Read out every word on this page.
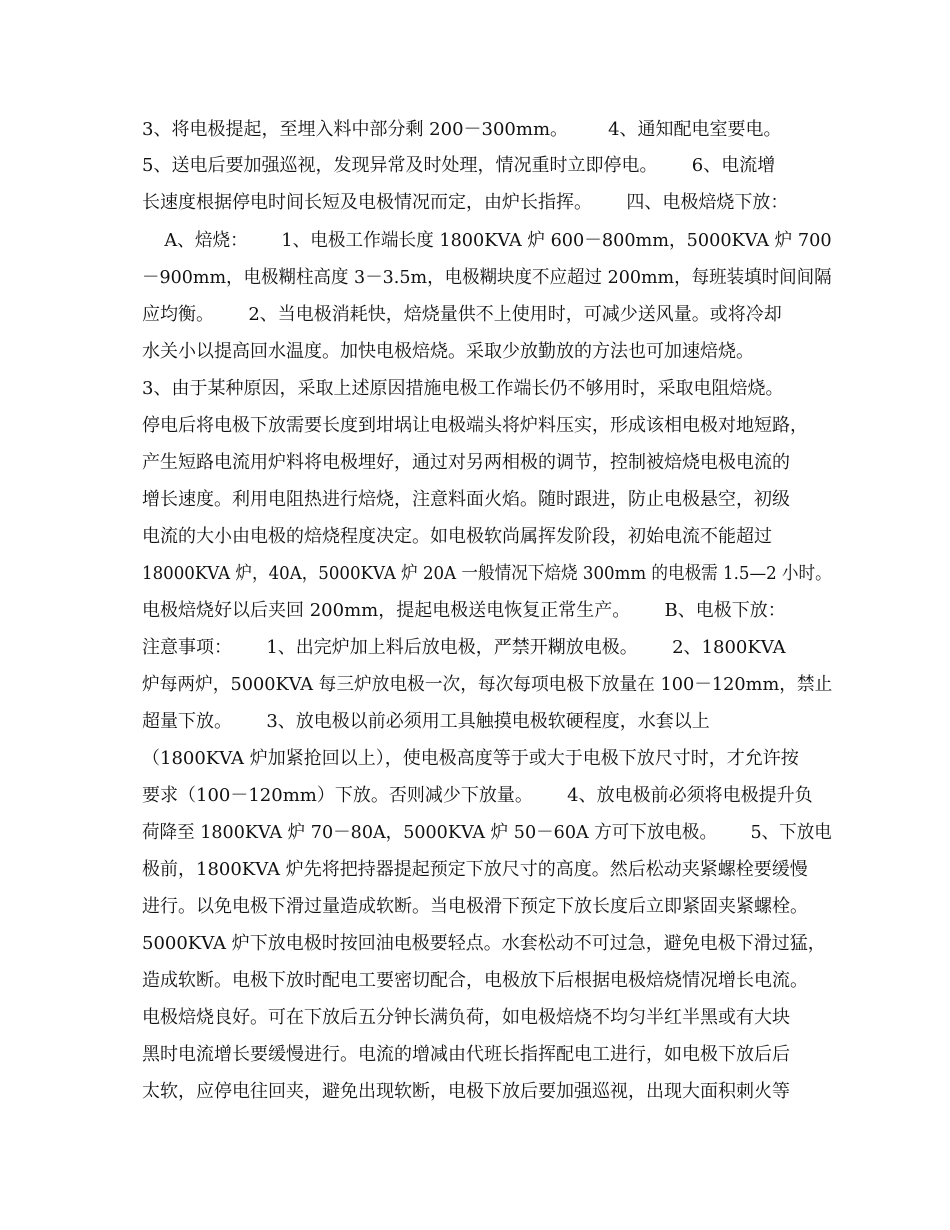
3、将电极提起，至埋入料中部分剩 200－300mm。       4、通知配电室要电。
5、送电后要加强巡视，发现异常及时处理，情况重时立即停电。      6、电流增
长速度根据停电时间长短及电极情况而定，由炉长指挥。      四、电极焙烧下放：
A、焙烧：      1、电极工作端长度 1800KVA 炉 600－800mm，5000KVA 炉 700
－900mm，电极糊柱高度 3－3.5m，电极糊块度不应超过 200mm，每班装填时间间隔
应均衡。      2、当电极消耗快，焙烧量供不上使用时，可减少送风量。或将冷却
水关小以提高回水温度。加快电极焙烧。采取少放勤放的方法也可加速焙烧。
3、由于某种原因，采取上述原因措施电极工作端长仍不够用时，采取电阻焙烧。
停电后将电极下放需要长度到坩埚让电极端头将炉料压实，形成该相电极对地短路，
产生短路电流用炉料将电极埋好，通过对另两相极的调节，控制被焙烧电极电流的
增长速度。利用电阻热进行焙烧，注意料面火焰。随时跟进，防止电极悬空，初级
电流的大小由电极的焙烧程度决定。如电极软尚属挥发阶段，初始电流不能超过
18000KVA 炉，40A，5000KVA 炉 20A 一般情况下焙烧 300mm 的电极需 1.5—2 小时。
电极焙烧好以后夹回 200mm，提起电极送电恢复正常生产。      B、电极下放：
注意事项：      1、出完炉加上料后放电极，严禁开糊放电极。      2、1800KVA
炉每两炉，5000KVA 每三炉放电极一次，每次每项电极下放量在 100－120mm，禁止
超量下放。      3、放电极以前必须用工具触摸电极软硬程度，水套以上
（1800KVA 炉加紧抢回以上），使电极高度等于或大于电极下放尺寸时，才允许按
要求（100－120mm）下放。否则减少下放量。      4、放电极前必须将电极提升负
荷降至 1800KVA 炉 70－80A，5000KVA 炉 50－60A 方可下放电极。      5、下放电
极前，1800KVA 炉先将把持器提起预定下放尺寸的高度。然后松动夹紧螺栓要缓慢
进行。以免电极下滑过量造成软断。当电极滑下预定下放长度后立即紧固夹紧螺栓。
5000KVA 炉下放电极时按回油电极要轻点。水套松动不可过急，避免电极下滑过猛，
造成软断。电极下放时配电工要密切配合，电极放下后根据电极焙烧情况增长电流。
电极焙烧良好。可在下放后五分钟长满负荷，如电极焙烧不均匀半红半黑或有大块
黑时电流增长要缓慢进行。电流的增减由代班长指挥配电工进行，如电极下放后后
太软，应停电往回夹，避免出现软断，电极下放后要加强巡视，出现大面积刺火等
